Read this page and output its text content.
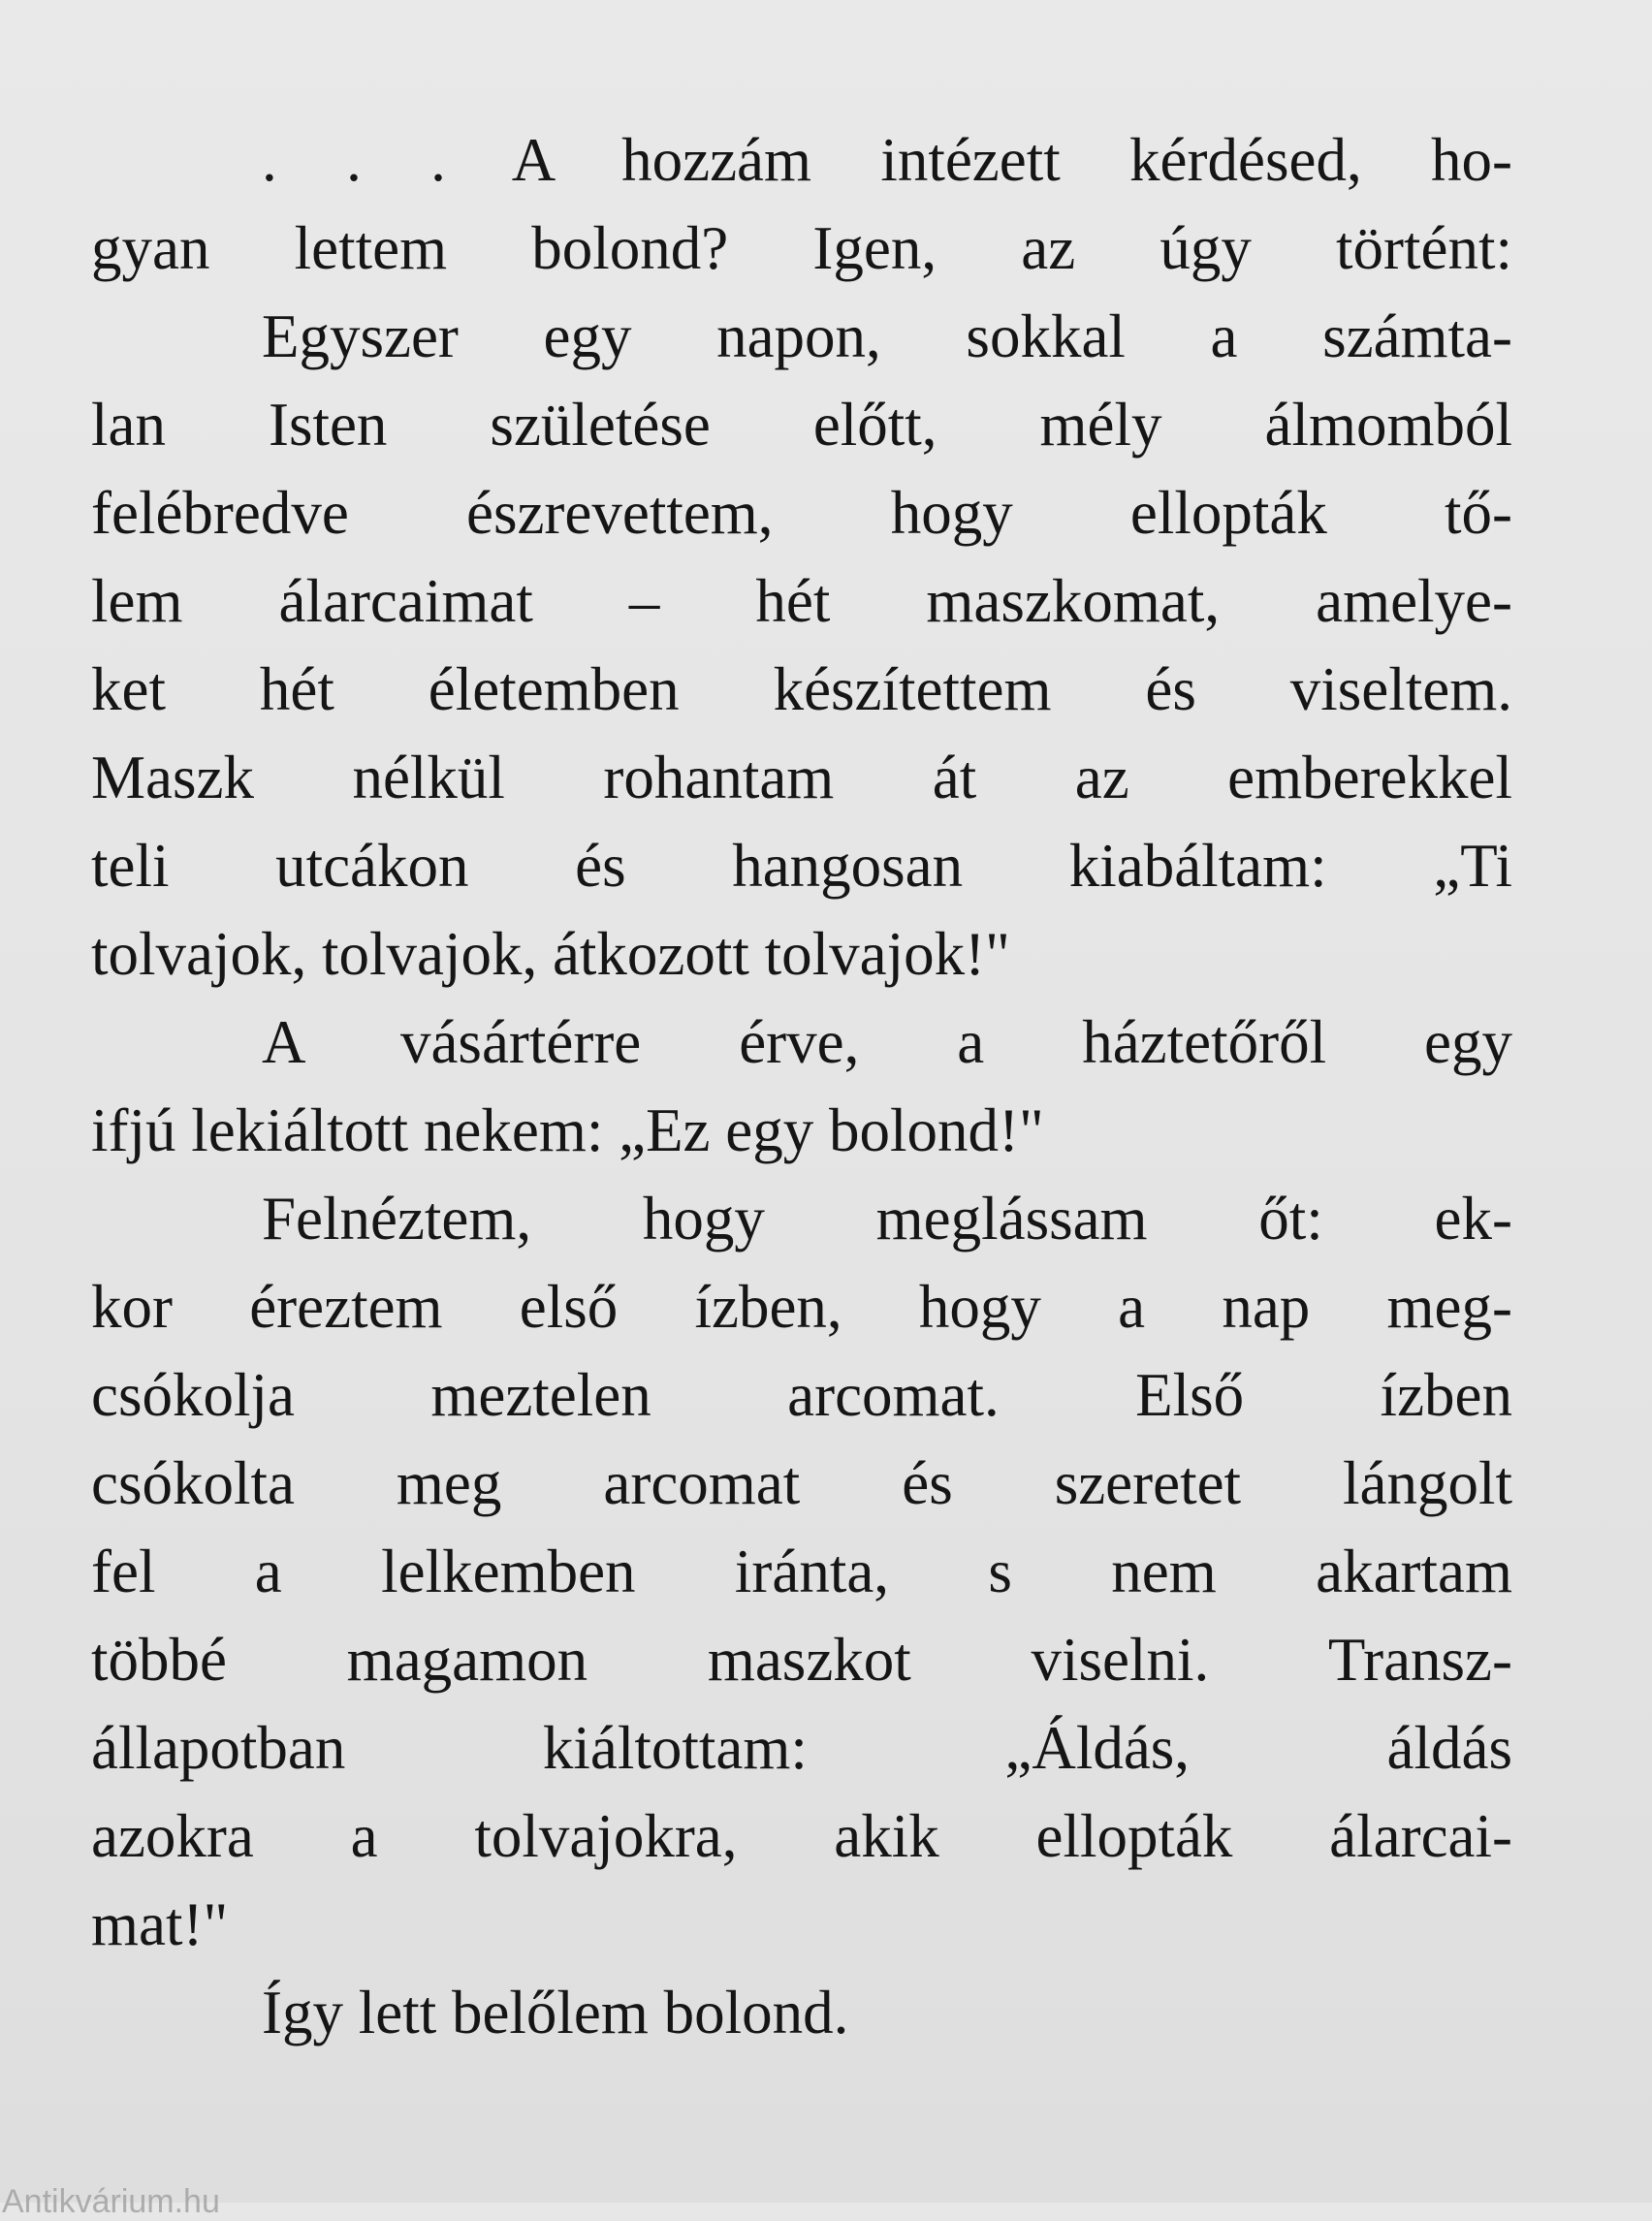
. . . A hozzám intézett kérdésed, ho-
gyan lettem bolond? Igen, az úgy történt:
Egyszer egy napon, sokkal a számta-
lan Isten születése előtt, mély álmomból
felébredve észrevettem, hogy ellopták tő-
lem álarcaimat – hét maszkomat, amelye-
ket hét életemben készítettem és viseltem.
Maszk nélkül rohantam át az emberekkel
teli utcákon és hangosan kiabáltam: „Ti
tolvajok, tolvajok, átkozott tolvajok!"
A vásártérre érve, a háztetőről egy
ifjú lekiáltott nekem: „Ez egy bolond!"
Felnéztem, hogy meglássam őt: ek-
kor éreztem első ízben, hogy a nap meg-
csókolja meztelen arcomat. Első ízben
csókolta meg arcomat és szeretet lángolt
fel a lelkemben iránta, s nem akartam
többé magamon maszkot viselni. Transz-
állapotban kiáltottam: „Áldás, áldás
azokra a tolvajokra, akik ellopták álarcai-
mat!"
Így lett belőlem bolond.
Antikvárium.hu
